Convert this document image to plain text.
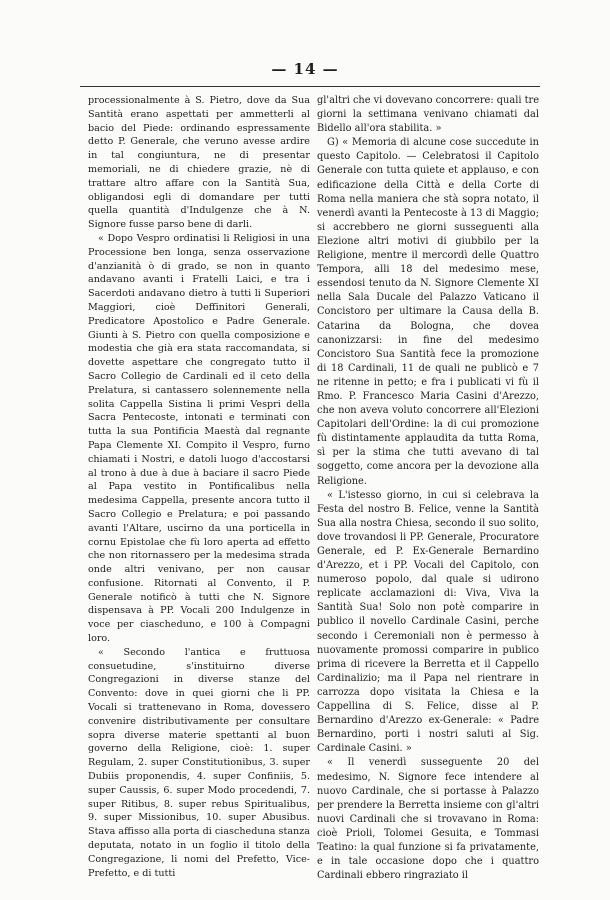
— 14 —

processionalmente à S. Pietro, dove da Sua Santità erano aspettati per ammetterli al bacio del Piede: ordinando espressamente detto P. Generale, che veruno avesse ardire in tal congiuntura, ne di presentar memoriali, ne di chiedere grazie, nè di trattare altro affare con la Santità Sua, obligandosi egli di domandare per tutti quella quantità d'Indulgenze che à N. Signore fusse parso bene di darli.

« Dopo Vespro ordinatisi li Religiosi in una Processione ben longa, senza osservazione d'anzianità ò di grado, se non in quanto andavano avanti i Fratelli Laici, e tra i Sacerdoti andavano dietro à tutti li Superiori Maggiori, cioè Deffinitori Generali, Predicatore Apostolico e Padre Generale. Giunti à S. Pietro con quella composizione e modestia che già era stata raccomandata, si dovette aspettare che congregato tutto il Sacro Collegio de Cardinali ed il ceto della Prelatura, si cantassero solennemente nella solita Cappella Sistina li primi Vespri della Sacra Pentecoste, intonati e terminati con tutta la sua Pontificia Maestà dal regnante Papa Clemente XI. Compito il Vespro, furno chiamati i Nostri, e datoli luogo d'accostarsi al trono à due à due à baciare il sacro Piede al Papa vestito in Pontificalibus nella medesima Cappella, presente ancora tutto il Sacro Collegio e Prelatura; e poi passando avanti l'Altare, uscirno da una porticella in cornu Epistolae che fù loro aperta ad effetto che non ritornassero per la medesima strada onde altri venivano, per non causar confusione. Ritornati al Convento, il P. Generale notificò à tutti che N. Signore dispensava à PP. Vocali 200 Indulgenze in voce per ciascheduno, e 100 à Compagni loro.

« Secondo l'antica e fruttuosa consuetudine, s'instituirno diverse Congregazioni in diverse stanze del Convento: dove in quei giorni che li PP. Vocali si trattenevano in Roma, dovessero convenire distributivamente per consultare sopra diverse materie spettanti al buon governo della Religione, cioè: 1. super Regulam, 2. super Constitutionibus, 3. super Dubiis proponendis, 4. super Confiniis, 5. super Caussis, 6. super Modo procedendi, 7. super Ritibus, 8. super rebus Spiritualibus, 9. super Missionibus, 10. super Abusibus. Stava affisso alla porta di ciascheduna stanza deputata, notato in un foglio il titolo della Congregazione, li nomi del Prefetto, Vice-Prefetto, e di tutti

gl'altri che vi dovevano concorrere: quali tre giorni la settimana venivano chiamati dal Bidello all'ora stabilita. »

G) « Memoria di alcune cose succedute in questo Capitolo. — Celebratosi il Capitolo Generale con tutta quiete et applauso, e con edificazione della Città e della Corte di Roma nella maniera che stà sopra notato, il venerdì avanti la Pentecoste à 13 di Maggio; si accrebbero ne giorni susseguenti alla Elezione altri motivi di giubbilo per la Religione, mentre il mercordì delle Quattro Tempora, alli 18 del medesimo mese, essendosi tenuto da N. Signore Clemente XI nella Sala Ducale del Palazzo Vaticano il Concistoro per ultimare la Causa della B. Catarina da Bologna, che dovea canonizzarsi: in fine del medesimo Concistoro Sua Santità fece la promozione di 18 Cardinali, 11 de quali ne publicò e 7 ne ritenne in petto; e fra i publicati vi fù il Rmo. P. Francesco Maria Casini d'Arezzo, che non aveva voluto concorrere all'Elezioni Capitolari dell'Ordine: la di cui promozione fù distintamente applaudita da tutta Roma, sì per la stima che tutti avevano di tal soggetto, come ancora per la devozione alla Religione.

« L'istesso giorno, in cui si celebrava la Festa del nostro B. Felice, venne la Santità Sua alla nostra Chiesa, secondo il suo solito, dove trovandosi li PP. Generale, Procuratore Generale, ed P. Ex-Generale Bernardino d'Arezzo, et i PP. Vocali del Capitolo, con numeroso popolo, dal quale si udirono replicate acclamazioni di: Viva, Viva la Santità Sua! Solo non potè comparire in publico il novello Cardinale Casini, perche secondo i Ceremoniali non è permesso à nuovamente promossi comparire in publico prima di ricevere la Berretta et il Cappello Cardinalizio; ma il Papa nel rientrare in carrozza dopo visitata la Chiesa e la Cappellina di S. Felice, disse al P. Bernardino d'Arezzo ex-Generale: « Padre Bernardino, porti i nostri saluti al Sig. Cardinale Casini. »

« Il venerdì susseguente 20 del medesimo, N. Signore fece intendere al nuovo Cardinale, che si portasse à Palazzo per prendere la Berretta insieme con gl'altri nuovi Cardinali che si trovavano in Roma: cioè Prioli, Tolomei Gesuita, e Tommasi Teatino: la qual funzione si fa privatamente, e in tale occasione dopo che i quattro Cardinali ebbero ringraziato il
